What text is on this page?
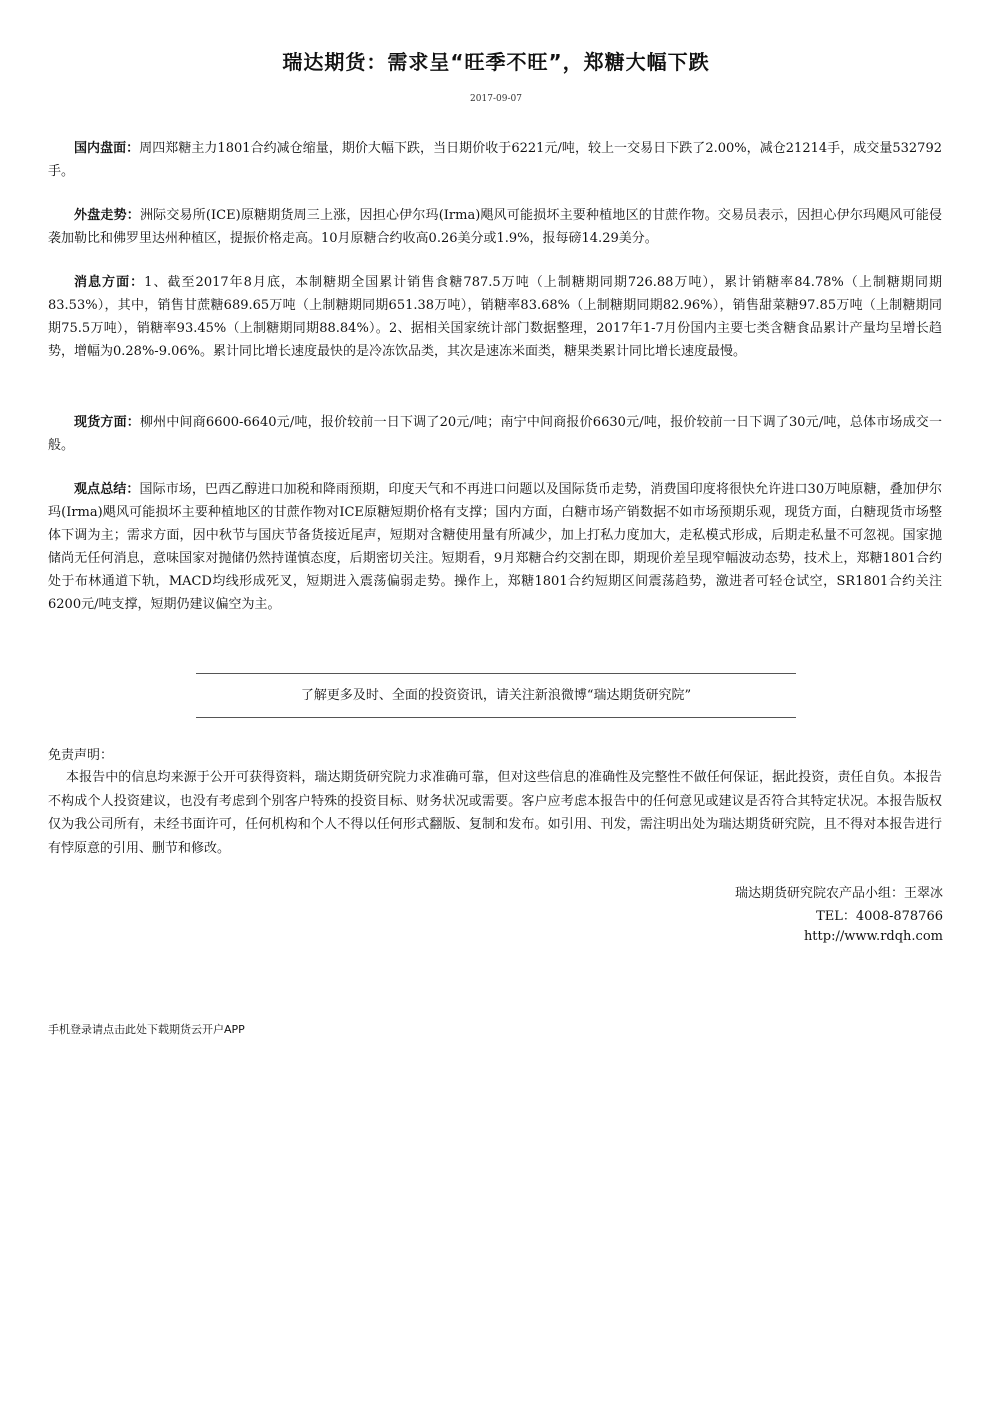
瑞达期货：需求呈“旺季不旺”，郑糖大幅下跌
2017-09-07
国内盘面：周四郑糖主力1801合约减仓缩量，期价大幅下跌，当日期价收于6221元/吨，较上一交易日下跌了2.00%，减仓21214手，成交量532792手。
外盘走势：洲际交易所(ICE)原糖期货周三上涨，因担心伊尔玛(Irma)飓风可能损坏主要种植地区的甘蔗作物。交易员表示，因担心伊尔玛飓风可能侵袭加勒比和佛罗里达州种植区，提振价格走高。10月原糖合约收高0.26美分或1.9%，报每磅14.29美分。
消息方面：1、截至2017年8月底，本制糖期全国累计销售食糖787.5万吨（上制糖期同期726.88万吨），累计销糖率84.78%（上制糖期同期83.53%），其中，销售甘蔗糖689.65万吨（上制糖期同期651.38万吨），销糖率83.68%（上制糖期同期82.96%），销售甜菜糖97.85万吨（上制糖期同期75.5万吨），销糖率93.45%（上制糖期同期88.84%）。2、据相关国家统计部门数据整理，2017年1-7月份国内主要七类含糖食品累计产量均呈增长趋势，增幅为0.28%-9.06%。累计同比增长速度最快的是冷冻饮品类，其次是速冻米面类，糖果类累计同比增长速度最慢。
现货方面：柳州中间商6600-6640元/吨，报价较前一日下调了20元/吨；南宁中间商报价6630元/吨，报价较前一日下调了30元/吨，总体市场成交一般。
观点总结：国际市场，巴西乙醇进口加税和降雨预期，印度天气和不再进口问题以及国际货币走势，消费国印度将很快允许进口30万吨原糖，叠加伊尔玛(Irma)飓风可能损坏主要种植地区的甘蔗作物对ICE原糖短期价格有支撑；国内方面，白糖市场产销数据不如市场预期乐观，现货方面，白糖现货市场整体下调为主；需求方面，因中秋节与国庆节备货接近尾声，短期对含糖使用量有所减少，加上打私力度加大，走私模式形成，后期走私量不可忽视。国家抛储尚无任何消息，意味国家对抛储仍然持谨慎态度，后期密切关注。短期看，9月郑糖合约交割在即，期现价差呈现窄幅波动态势，技术上，郑糖1801合约处于布林通道下轨，MACD均线形成死叉，短期进入震荡偏弱走势。操作上，郑糖1801合约短期区间震荡趋势，激进者可轻仓试空，SR1801合约关注6200元/吨支撑，短期仍建议偏空为主。
了解更多及时、全面的投资资讯，请关注新浪微博“瑞达期货研究院”
免责声明：
本报告中的信息均来源于公开可获得资料，瑞达期货研究院力求准确可靠，但对这些信息的准确性及完整性不做任何保证，据此投资，责任自负。本报告不构成个人投资建议，也没有考虑到个别客户特殊的投资目标、财务状况或需要。客户应考虑本报告中的任何意见或建议是否符合其特定状况。本报告版权仅为我公司所有，未经书面许可，任何机构和个人不得以任何形式翻版、复制和发布。如引用、刊发，需注明出处为瑞达期货研究院，且不得对本报告进行有悖原意的引用、删节和修改。
瑞达期货研究院农产品小组：王翠冰
TEL：4008-878766
http://www.rdqh.com
手机登录请点击此处下载期货云开户APP
